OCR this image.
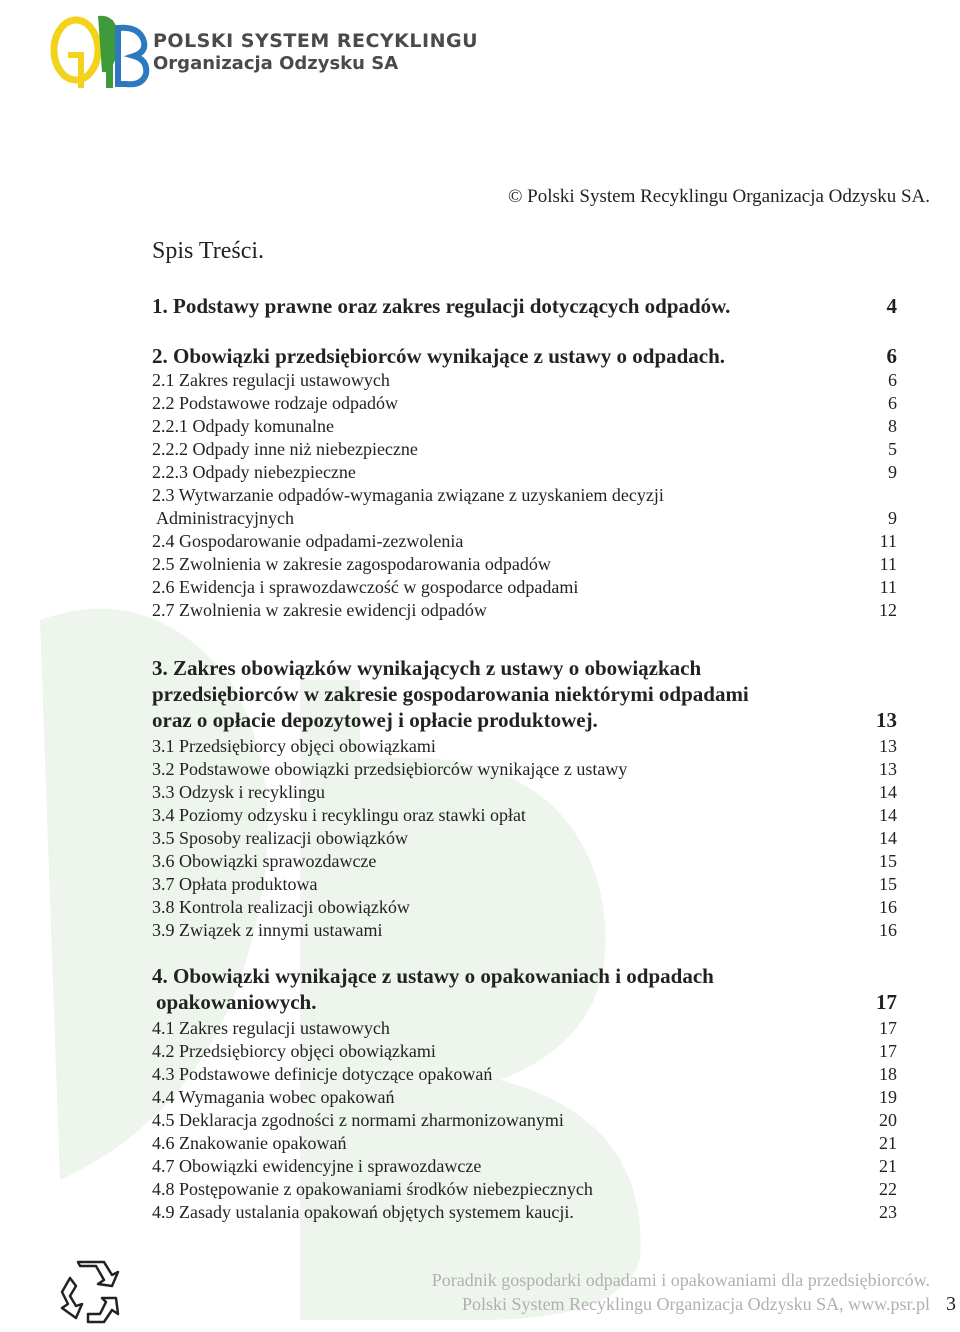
POLSKI SYSTEM RECYKLINGU
Organizacja Odzysku SA
© Polski System Recyklingu Organizacja Odzysku SA.
Spis Treści.
1. Podstawy prawne oraz zakres regulacji dotyczących odpadów.	4
2. Obowiązki przedsiębiorców wynikające z ustawy o odpadach.	6
2.1 Zakres regulacji ustawowych	6
2.2 Podstawowe rodzaje odpadów	6
2.2.1 Odpady komunalne	8
2.2.2 Odpady inne niż niebezpieczne	5
2.2.3 Odpady niebezpieczne	9
2.3 Wytwarzanie odpadów-wymagania związane z uzyskaniem decyzji
Administracyjnych	9
2.4 Gospodarowanie odpadami-zezwolenia	11
2.5 Zwolnienia w zakresie zagospodarowania odpadów	11
2.6 Ewidencja i sprawozdawczość w gospodarce odpadami	11
2.7 Zwolnienia w zakresie ewidencji odpadów	12
3. Zakres obowiązków wynikających z ustawy o obowiązkach
przedsiębiorców w zakresie gospodarowania niektórymi odpadami
oraz o opłacie depozytowej i opłacie produktowej.	13
3.1 Przedsiębiorcy objęci obowiązkami	13
3.2 Podstawowe obowiązki przedsiębiorców wynikające z ustawy	13
3.3 Odzysk i recyklingu	14
3.4 Poziomy odzysku i recyklingu oraz stawki opłat	14
3.5 Sposoby realizacji obowiązków	14
3.6 Obowiązki sprawozdawcze	15
3.7 Opłata produktowa	15
3.8 Kontrola realizacji obowiązków	16
3.9 Związek z innymi ustawami	16
4. Obowiązki wynikające z ustawy o opakowaniach i odpadach
opakowaniowych.	17
4.1 Zakres regulacji ustawowych	17
4.2 Przedsiębiorcy objęci obowiązkami	17
4.3 Podstawowe definicje dotyczące opakowań	18
4.4 Wymagania wobec opakowań	19
4.5 Deklaracja zgodności z normami zharmonizowanymi	20
4.6 Znakowanie opakowań	21
4.7 Obowiązki ewidencyjne i sprawozdawcze	21
4.8 Postępowanie z opakowaniami środków niebezpiecznych	22
4.9 Zasady ustalania opakowań objętych systemem kaucji.	23
Poradnik gospodarki odpadami i opakowaniami dla przedsiębiorców.
Polski System Recyklingu Organizacja Odzysku SA, www.psr.pl 3
